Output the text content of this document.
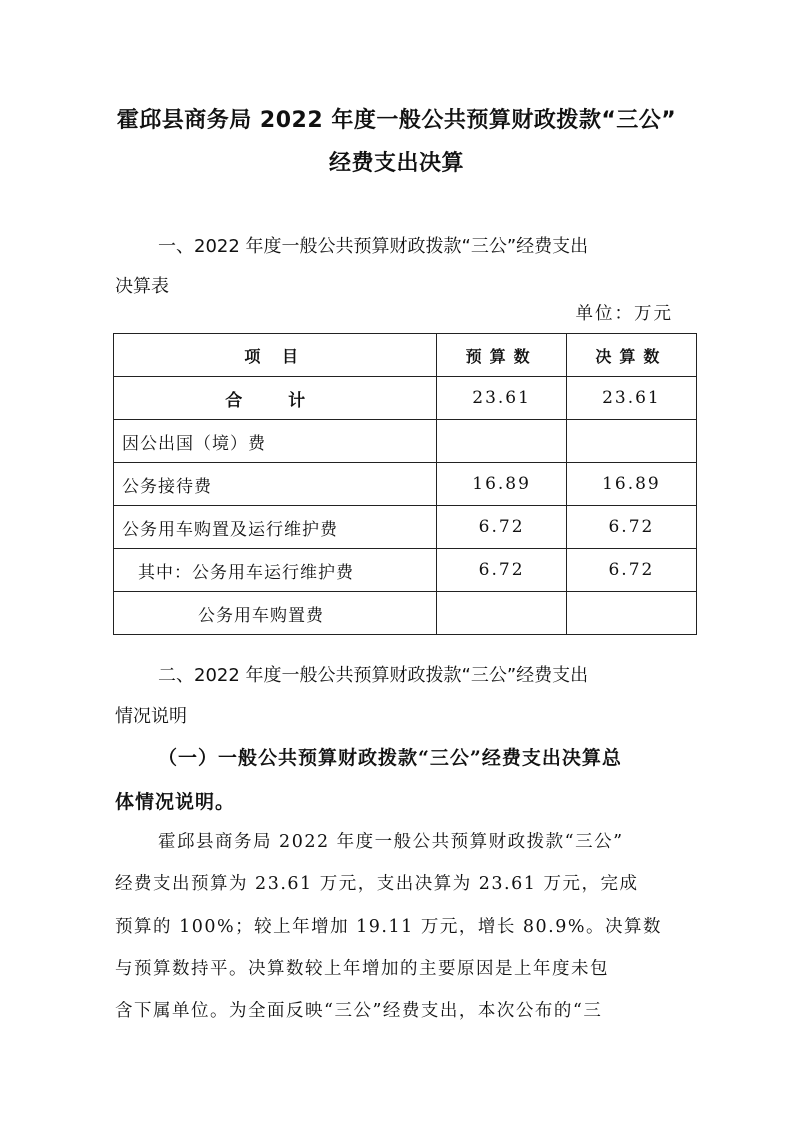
霍邱县商务局 2022 年度一般公共预算财政拨款“三公”
经费支出决算
一、2022 年度一般公共预算财政拨款“三公”经费支出
决算表
单位：万元
项 目	预算数	决算数
合 计	23.61	23.61
因公出国（境）费		
公务接待费	16.89	16.89
公务用车购置及运行维护费	6.72	6.72
其中：公务用车运行维护费	6.72	6.72
公务用车购置费		
二、2022 年度一般公共预算财政拨款“三公”经费支出
情况说明
（一）一般公共预算财政拨款“三公”经费支出决算总
体情况说明。
霍邱县商务局 2022 年度一般公共预算财政拨款“三公”
经费支出预算为 23.61 万元，支出决算为 23.61 万元，完成
预算的 100%；较上年增加 19.11 万元，增长 80.9%。决算数
与预算数持平。决算数较上年增加的主要原因是上年度未包
含下属单位。为全面反映“三公”经费支出，本次公布的“三
